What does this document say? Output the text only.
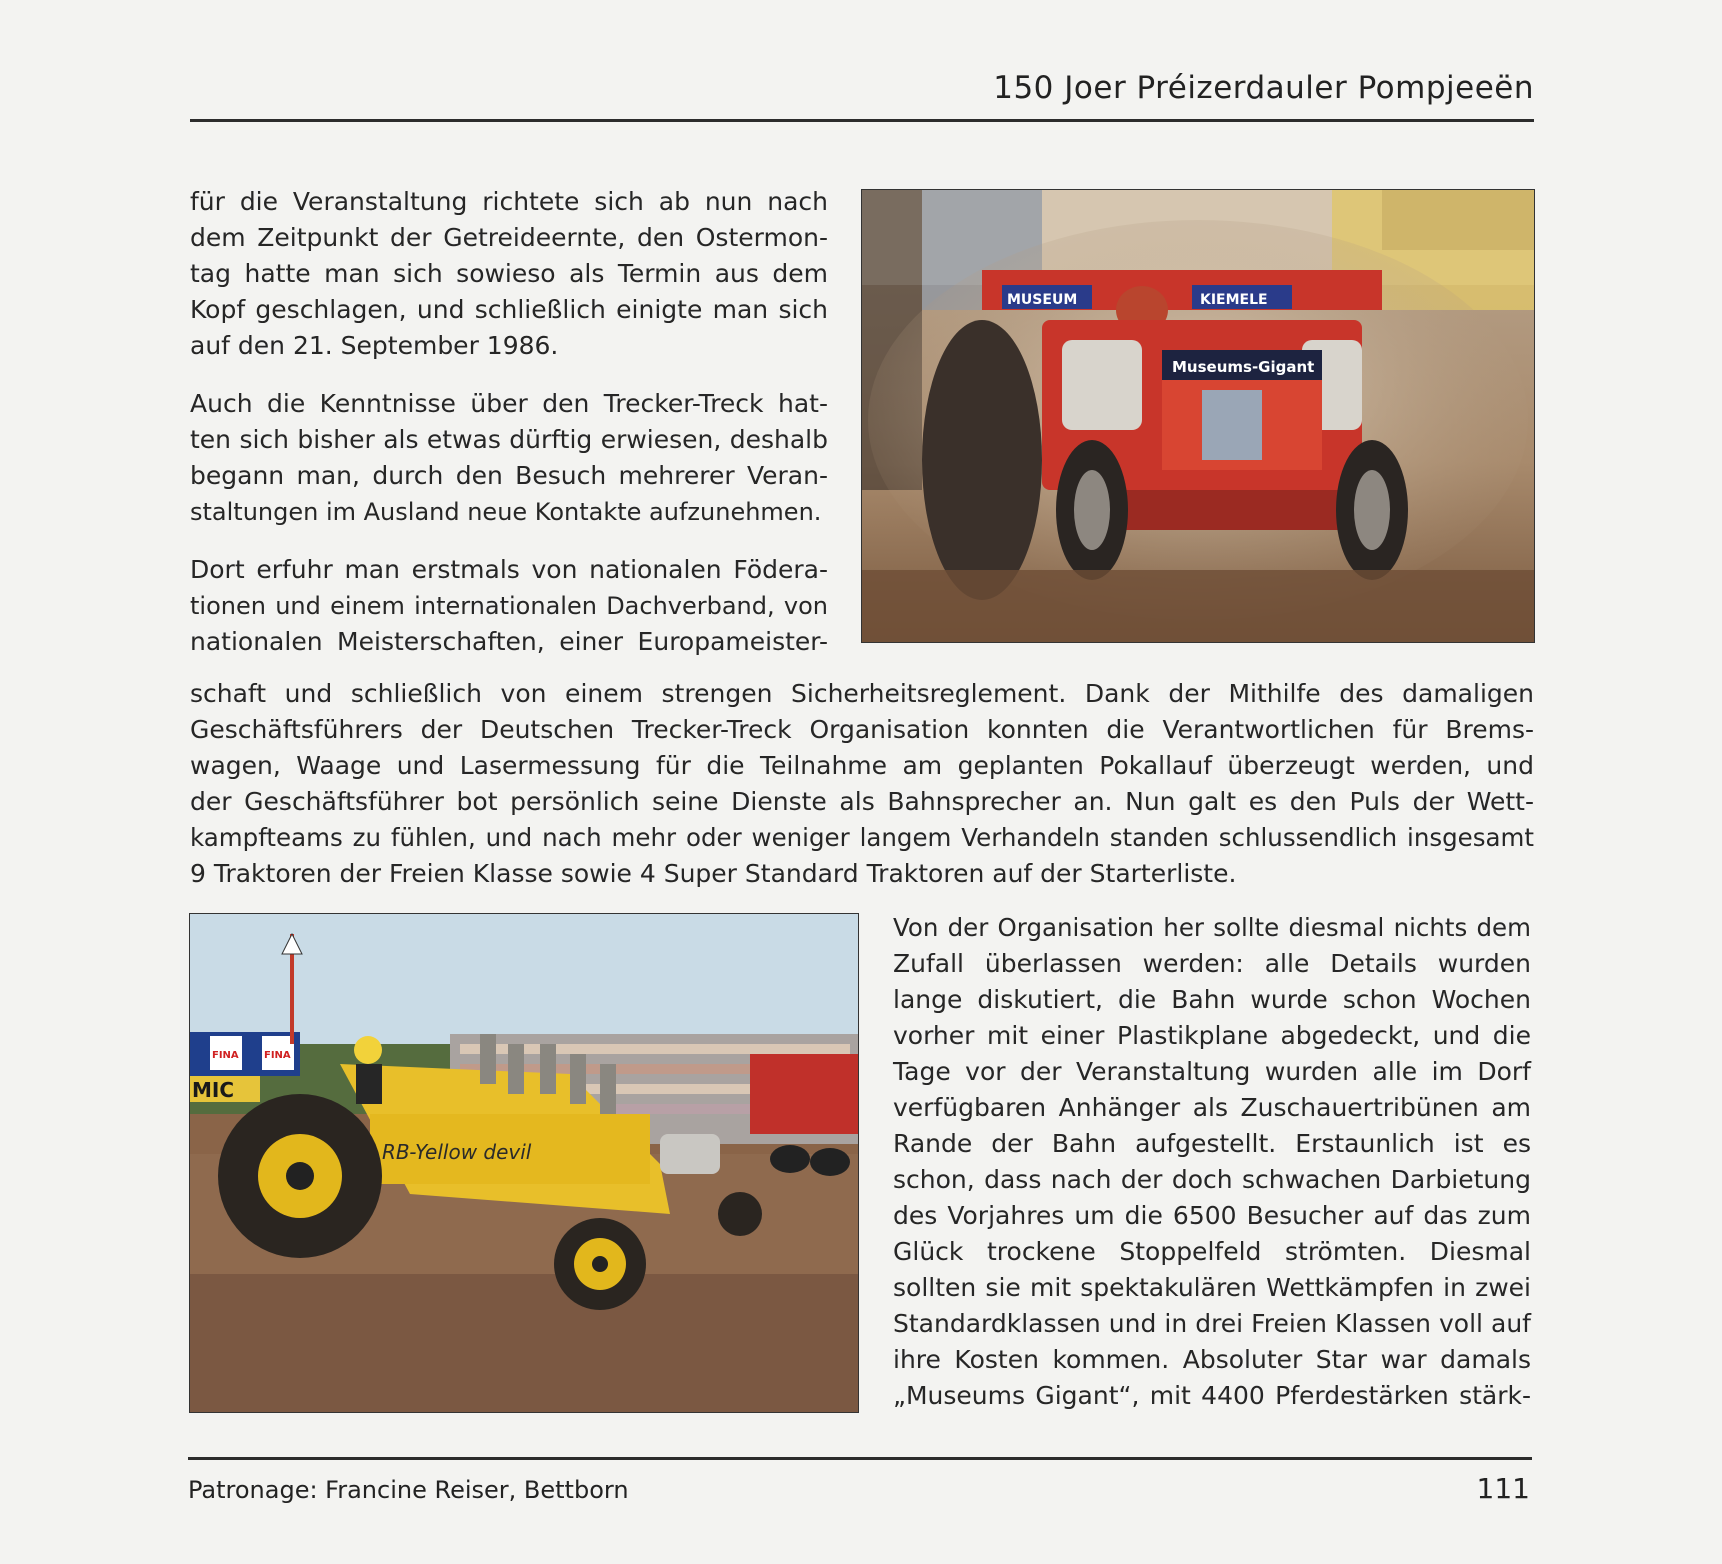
150 Joer Préizerdauler Pompjeeën
für die Veranstaltung richtete sich ab nun nach
dem Zeitpunkt der Getreideernte, den Ostermon-
tag hatte man sich sowieso als Termin aus dem
Kopf geschlagen, und schließlich einigte man sich
auf den 21. September 1986.
Auch die Kenntnisse über den Trecker-Treck hat-
ten sich bisher als etwas dürftig erwiesen, deshalb
begann man, durch den Besuch mehrerer Veran-
staltungen im Ausland neue Kontakte aufzunehmen.
Dort erfuhr man erstmals von nationalen Födera-
tionen und einem internationalen Dachverband, von
nationalen Meisterschaften, einer Europameister-
MUSEUM	KIEMELE
Museums-Gigant
schaft und schließlich von einem strengen Sicherheitsreglement. Dank der Mithilfe des damaligen
Geschäftsführers der Deutschen Trecker-Treck Organisation konnten die Verantwortlichen für Brems-
wagen, Waage und Lasermessung für die Teilnahme am geplanten Pokallauf überzeugt werden, und
der Geschäftsführer bot persönlich seine Dienste als Bahnsprecher an. Nun galt es den Puls der Wett-
kampfteams zu fühlen, und nach mehr oder weniger langem Verhandeln standen schlussendlich insgesamt
9 Traktoren der Freien Klasse sowie 4 Super Standard Traktoren auf der Starterliste.
FINA	FINA
MIC
RB-Yellow devil
Von der Organisation her sollte diesmal nichts dem
Zufall überlassen werden: alle Details wurden
lange diskutiert, die Bahn wurde schon Wochen
vorher mit einer Plastikplane abgedeckt, und die
Tage vor der Veranstaltung wurden alle im Dorf
verfügbaren Anhänger als Zuschauertribünen am
Rande der Bahn aufgestellt. Erstaunlich ist es
schon, dass nach der doch schwachen Darbietung
des Vorjahres um die 6500 Besucher auf das zum
Glück trockene Stoppelfeld strömten. Diesmal
sollten sie mit spektakulären Wettkämpfen in zwei
Standardklassen und in drei Freien Klassen voll auf
ihre Kosten kommen. Absoluter Star war damals
„Museums Gigant“, mit 4400 Pferdestärken stärk-
Patronage: Francine Reiser, Bettborn	111
